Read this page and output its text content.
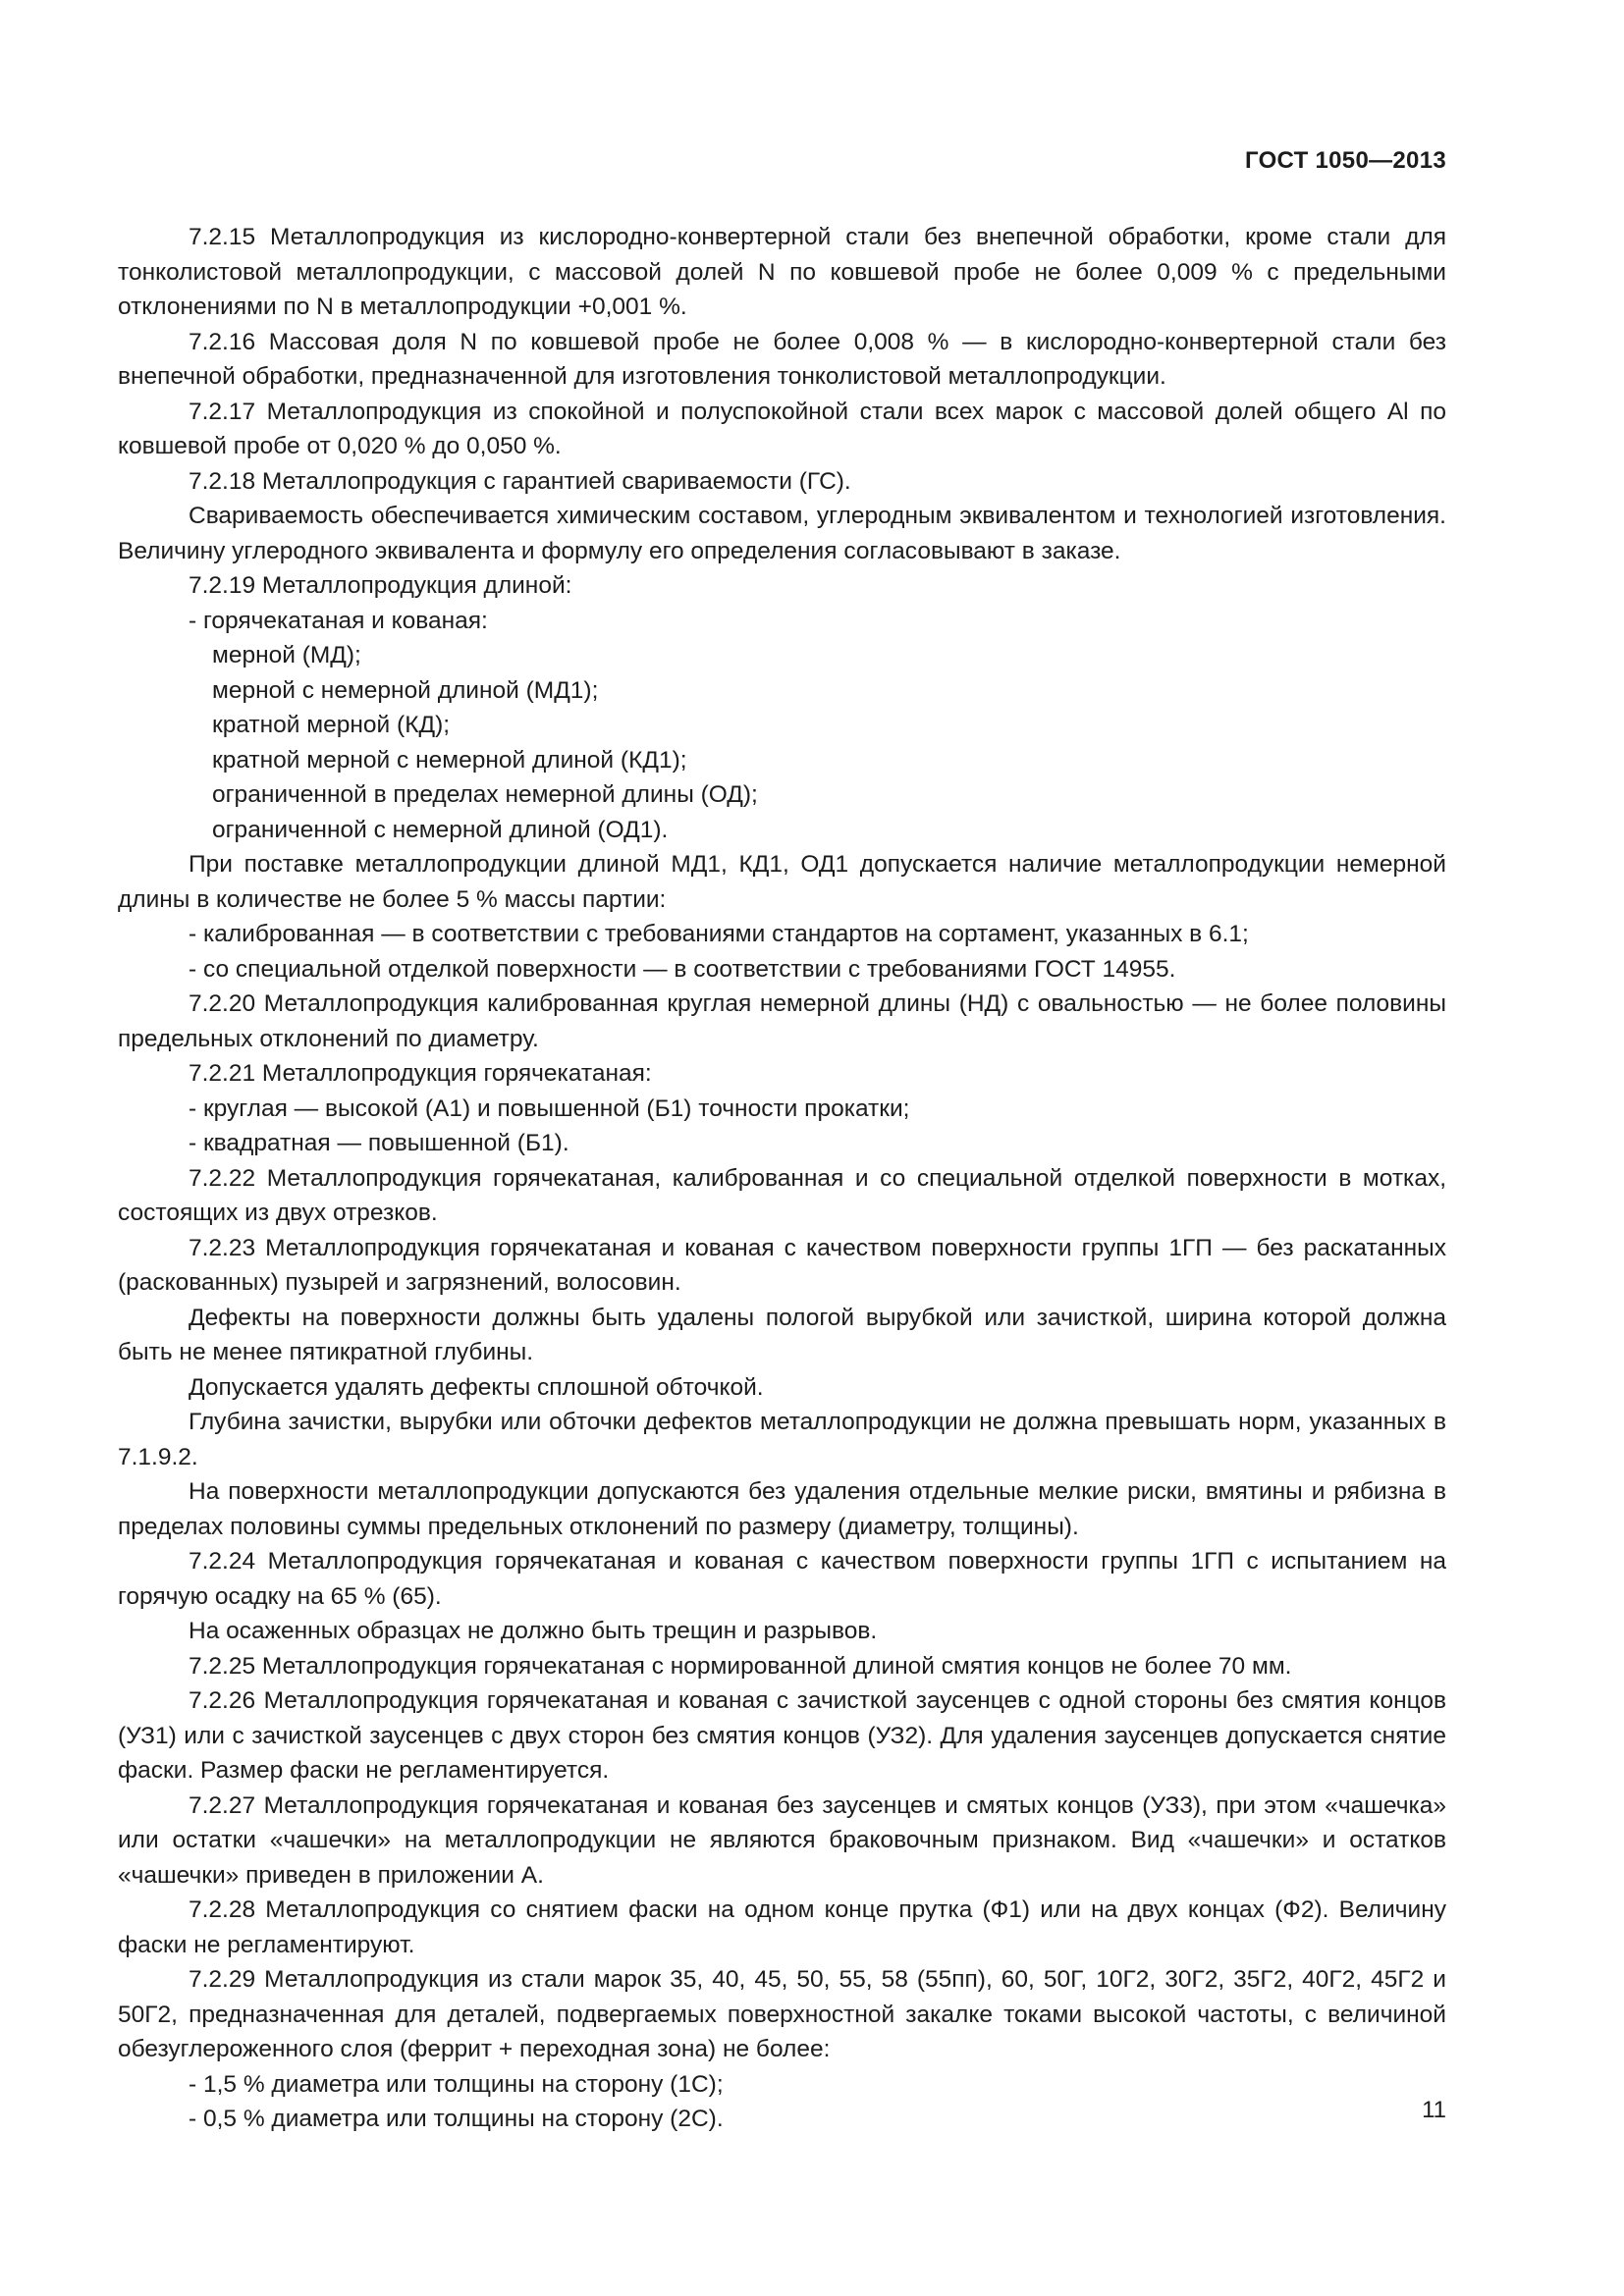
ГОСТ 1050—2013

7.2.15 Металлопродукция из кислородно-конвертерной стали без внепечной обработки, кроме стали для тонколистовой металлопродукции, с массовой долей N по ковшевой пробе не более 0,009 % с предельными отклонениями по N в металлопродукции +0,001 %.

7.2.16 Массовая доля N по ковшевой пробе не более 0,008 % — в кислородно-конвертерной стали без внепечной обработки, предназначенной для изготовления тонколистовой металлопродукции.

7.2.17 Металлопродукция из спокойной и полуспокойной стали всех марок с массовой долей общего Al по ковшевой пробе от 0,020 % до 0,050 %.

7.2.18 Металлопродукция с гарантией свариваемости (ГС).

Свариваемость обеспечивается химическим составом, углеродным эквивалентом и технологией изготовления. Величину углеродного эквивалента и формулу его определения согласовывают в заказе.

7.2.19 Металлопродукция длиной:

- горячекатаная и кованая:

мерной (МД);

мерной с немерной длиной (МД1);

кратной мерной (КД);

кратной мерной с немерной длиной (КД1);

ограниченной в пределах немерной длины (ОД);

ограниченной с немерной длиной (ОД1).

При поставке металлопродукции длиной МД1, КД1, ОД1 допускается наличие металлопродукции немерной длины в количестве не более 5 % массы партии:

- калиброванная — в соответствии с требованиями стандартов на сортамент, указанных в 6.1;

- со специальной отделкой поверхности — в соответствии с требованиями ГОСТ 14955.

7.2.20 Металлопродукция калиброванная круглая немерной длины (НД) с овальностью — не более половины предельных отклонений по диаметру.

7.2.21 Металлопродукция горячекатаная:

- круглая — высокой (А1) и повышенной (Б1) точности прокатки;

- квадратная — повышенной (Б1).

7.2.22 Металлопродукция горячекатаная, калиброванная и со специальной отделкой поверхности в мотках, состоящих из двух отрезков.

7.2.23 Металлопродукция горячекатаная и кованая с качеством поверхности группы 1ГП — без раскатанных (раскованных) пузырей и загрязнений, волосовин.

Дефекты на поверхности должны быть удалены пологой вырубкой или зачисткой, ширина которой должна быть не менее пятикратной глубины.

Допускается удалять дефекты сплошной обточкой.

Глубина зачистки, вырубки или обточки дефектов металлопродукции не должна превышать норм, указанных в 7.1.9.2.

На поверхности металлопродукции допускаются без удаления отдельные мелкие риски, вмятины и рябизна в пределах половины суммы предельных отклонений по размеру (диаметру, толщины).

7.2.24 Металлопродукция горячекатаная и кованая с качеством поверхности группы 1ГП с испытанием на горячую осадку на 65 % (65).

На осаженных образцах не должно быть трещин и разрывов.

7.2.25 Металлопродукция горячекатаная с нормированной длиной смятия концов не более 70 мм.

7.2.26 Металлопродукция горячекатаная и кованая с зачисткой заусенцев с одной стороны без смятия концов (УЗ1) или с зачисткой заусенцев с двух сторон без смятия концов (УЗ2). Для удаления заусенцев допускается снятие фаски. Размер фаски не регламентируется.

7.2.27 Металлопродукция горячекатаная и кованая без заусенцев и смятых концов (УЗ3), при этом «чашечка» или остатки «чашечки» на металлопродукции не являются браковочным признаком. Вид «чашечки» и остатков «чашечки» приведен в приложении А.

7.2.28 Металлопродукция со снятием фаски на одном конце прутка (Ф1) или на двух концах (Ф2). Величину фаски не регламентируют.

7.2.29 Металлопродукция из стали марок 35, 40, 45, 50, 55, 58 (55пп), 60, 50Г, 10Г2, 30Г2, 35Г2, 40Г2, 45Г2 и 50Г2, предназначенная для деталей, подвергаемых поверхностной закалке токами высокой частоты, с величиной обезуглероженного слоя (феррит + переходная зона) не более:

- 1,5 % диаметра или толщины на сторону (1С);

- 0,5 % диаметра или толщины на сторону (2С).	11
